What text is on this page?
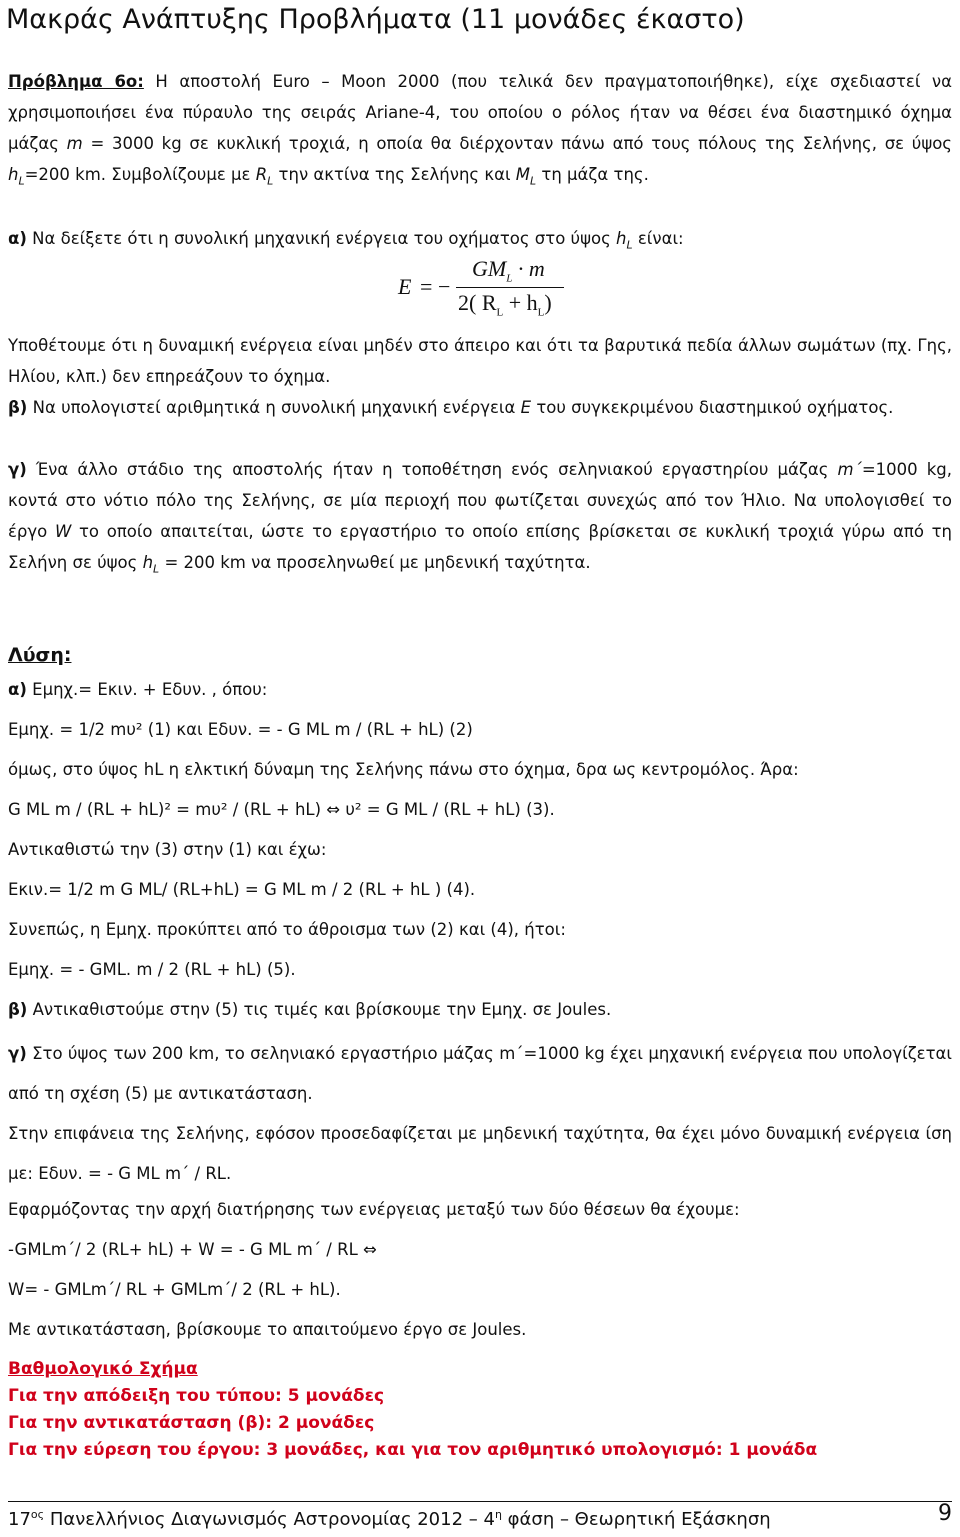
Μακράς Ανάπτυξης Προβλήματα (11 μονάδες έκαστο)

Πρόβλημα 6ο: Η αποστολή Euro – Moon 2000 (που τελικά δεν πραγματοποιήθηκε), είχε σχεδιαστεί να χρησιμοποιήσει ένα πύραυλο της σειράς Ariane-4, του οποίου ο ρόλος ήταν να θέσει ένα διαστημικό όχημα μάζας m = 3000 kg σε κυκλική τροχιά, η οποία θα διέρχονταν πάνω από τους πόλους της Σελήνης, σε ύψος $h_L=200$ km. Συμβολίζουμε με $R_L$ την ακτίνα της Σελήνης και $M_L$ τη μάζα της.

α) Να δείξετε ότι η συνολική μηχανική ενέργεια του οχήματος στο ύψος $h_L$ είναι:

E = −
$GM_L \cdot m$
2( $R_L + h_L$)

Υποθέτουμε ότι η δυναμική ενέργεια είναι μηδέν στο άπειρο και ότι τα βαρυτικά πεδία άλλων σωμάτων (πχ. Γης, Ηλίου, κλπ.) δεν επηρεάζουν το όχημα.

β) Να υπολογιστεί αριθμητικά η συνολική μηχανική ενέργεια E του συγκεκριμένου διαστημικού οχήματος.

γ) Ένα άλλο στάδιο της αποστολής ήταν η τοποθέτηση ενός σεληνιακού εργαστηρίου μάζας m΄=1000 kg, κοντά στο νότιο πόλο της Σελήνης, σε μία περιοχή που φωτίζεται συνεχώς από τον Ήλιο. Να υπολογισθεί το έργο W το οποίο απαιτείται, ώστε το εργαστήριο το οποίο επίσης βρίσκεται σε κυκλική τροχιά γύρω από τη Σελήνη σε ύψος $h_L = 200$ km να προσεληνωθεί με μηδενική ταχύτητα.

Λύση:

α) Εμηχ.= Εκιν. + Εδυν. , όπου:

Εμηχ. = 1/2 mυ² (1) και Εδυν. = - G ML m / (RL + hL) (2)

όμως, στο ύψος hL η ελκτική δύναμη της Σελήνης πάνω στο όχημα, δρα ως κεντρομόλος. Άρα:

G ML m / (RL + hL)² = mυ² / (RL + hL) ⇔ υ² = G ML / (RL + hL) (3).

Αντικαθιστώ την (3) στην (1) και έχω:

Εκιν.= 1/2 m G ML/ (RL+hL) = G ML m / 2 (RL + hL ) (4).

Συνεπώς, η Εμηχ. προκύπτει από το άθροισμα των (2) και (4), ήτοι:

Εμηχ. = - GML. m / 2 (RL + hL) (5).

β) Αντικαθιστούμε στην (5) τις τιμές και βρίσκουμε την Εμηχ. σε Joules.

γ) Στο ύψος των 200 km, το σεληνιακό εργαστήριο μάζας m΄=1000 kg έχει μηχανική ενέργεια που υπολογίζεται από τη σχέση (5) με αντικατάσταση.

Στην επιφάνεια της Σελήνης, εφόσον προσεδαφίζεται με μηδενική ταχύτητα, θα έχει μόνο δυναμική ενέργεια ίση με: Εδυν. = - G ML m΄ / RL.

Εφαρμόζοντας την αρχή διατήρησης των ενέργειας μεταξύ των δύο θέσεων θα έχουμε:

-GMLm΄/ 2 (RL+ hL) + W = - G ML m΄ / RL ⇔

W= - GMLm΄/ RL + GMLm΄/ 2 (RL + hL).

Με αντικατάσταση, βρίσκουμε το απαιτούμενο έργο σε Joules.

Βαθμολογικό Σχήμα
Για την απόδειξη του τύπου: 5 μονάδες
Για την αντικατάσταση (β): 2 μονάδες
Για την εύρεση του έργου: 3 μονάδες, και για τον αριθμητικό υπολογισμό: 1 μονάδα
$17^{o\varsigma}$ Πανελλήνιος Διαγωνισμός Αστρονομίας $2012 - 4^\eta$ φάση – Θεωρητική Εξάσκηση	9
